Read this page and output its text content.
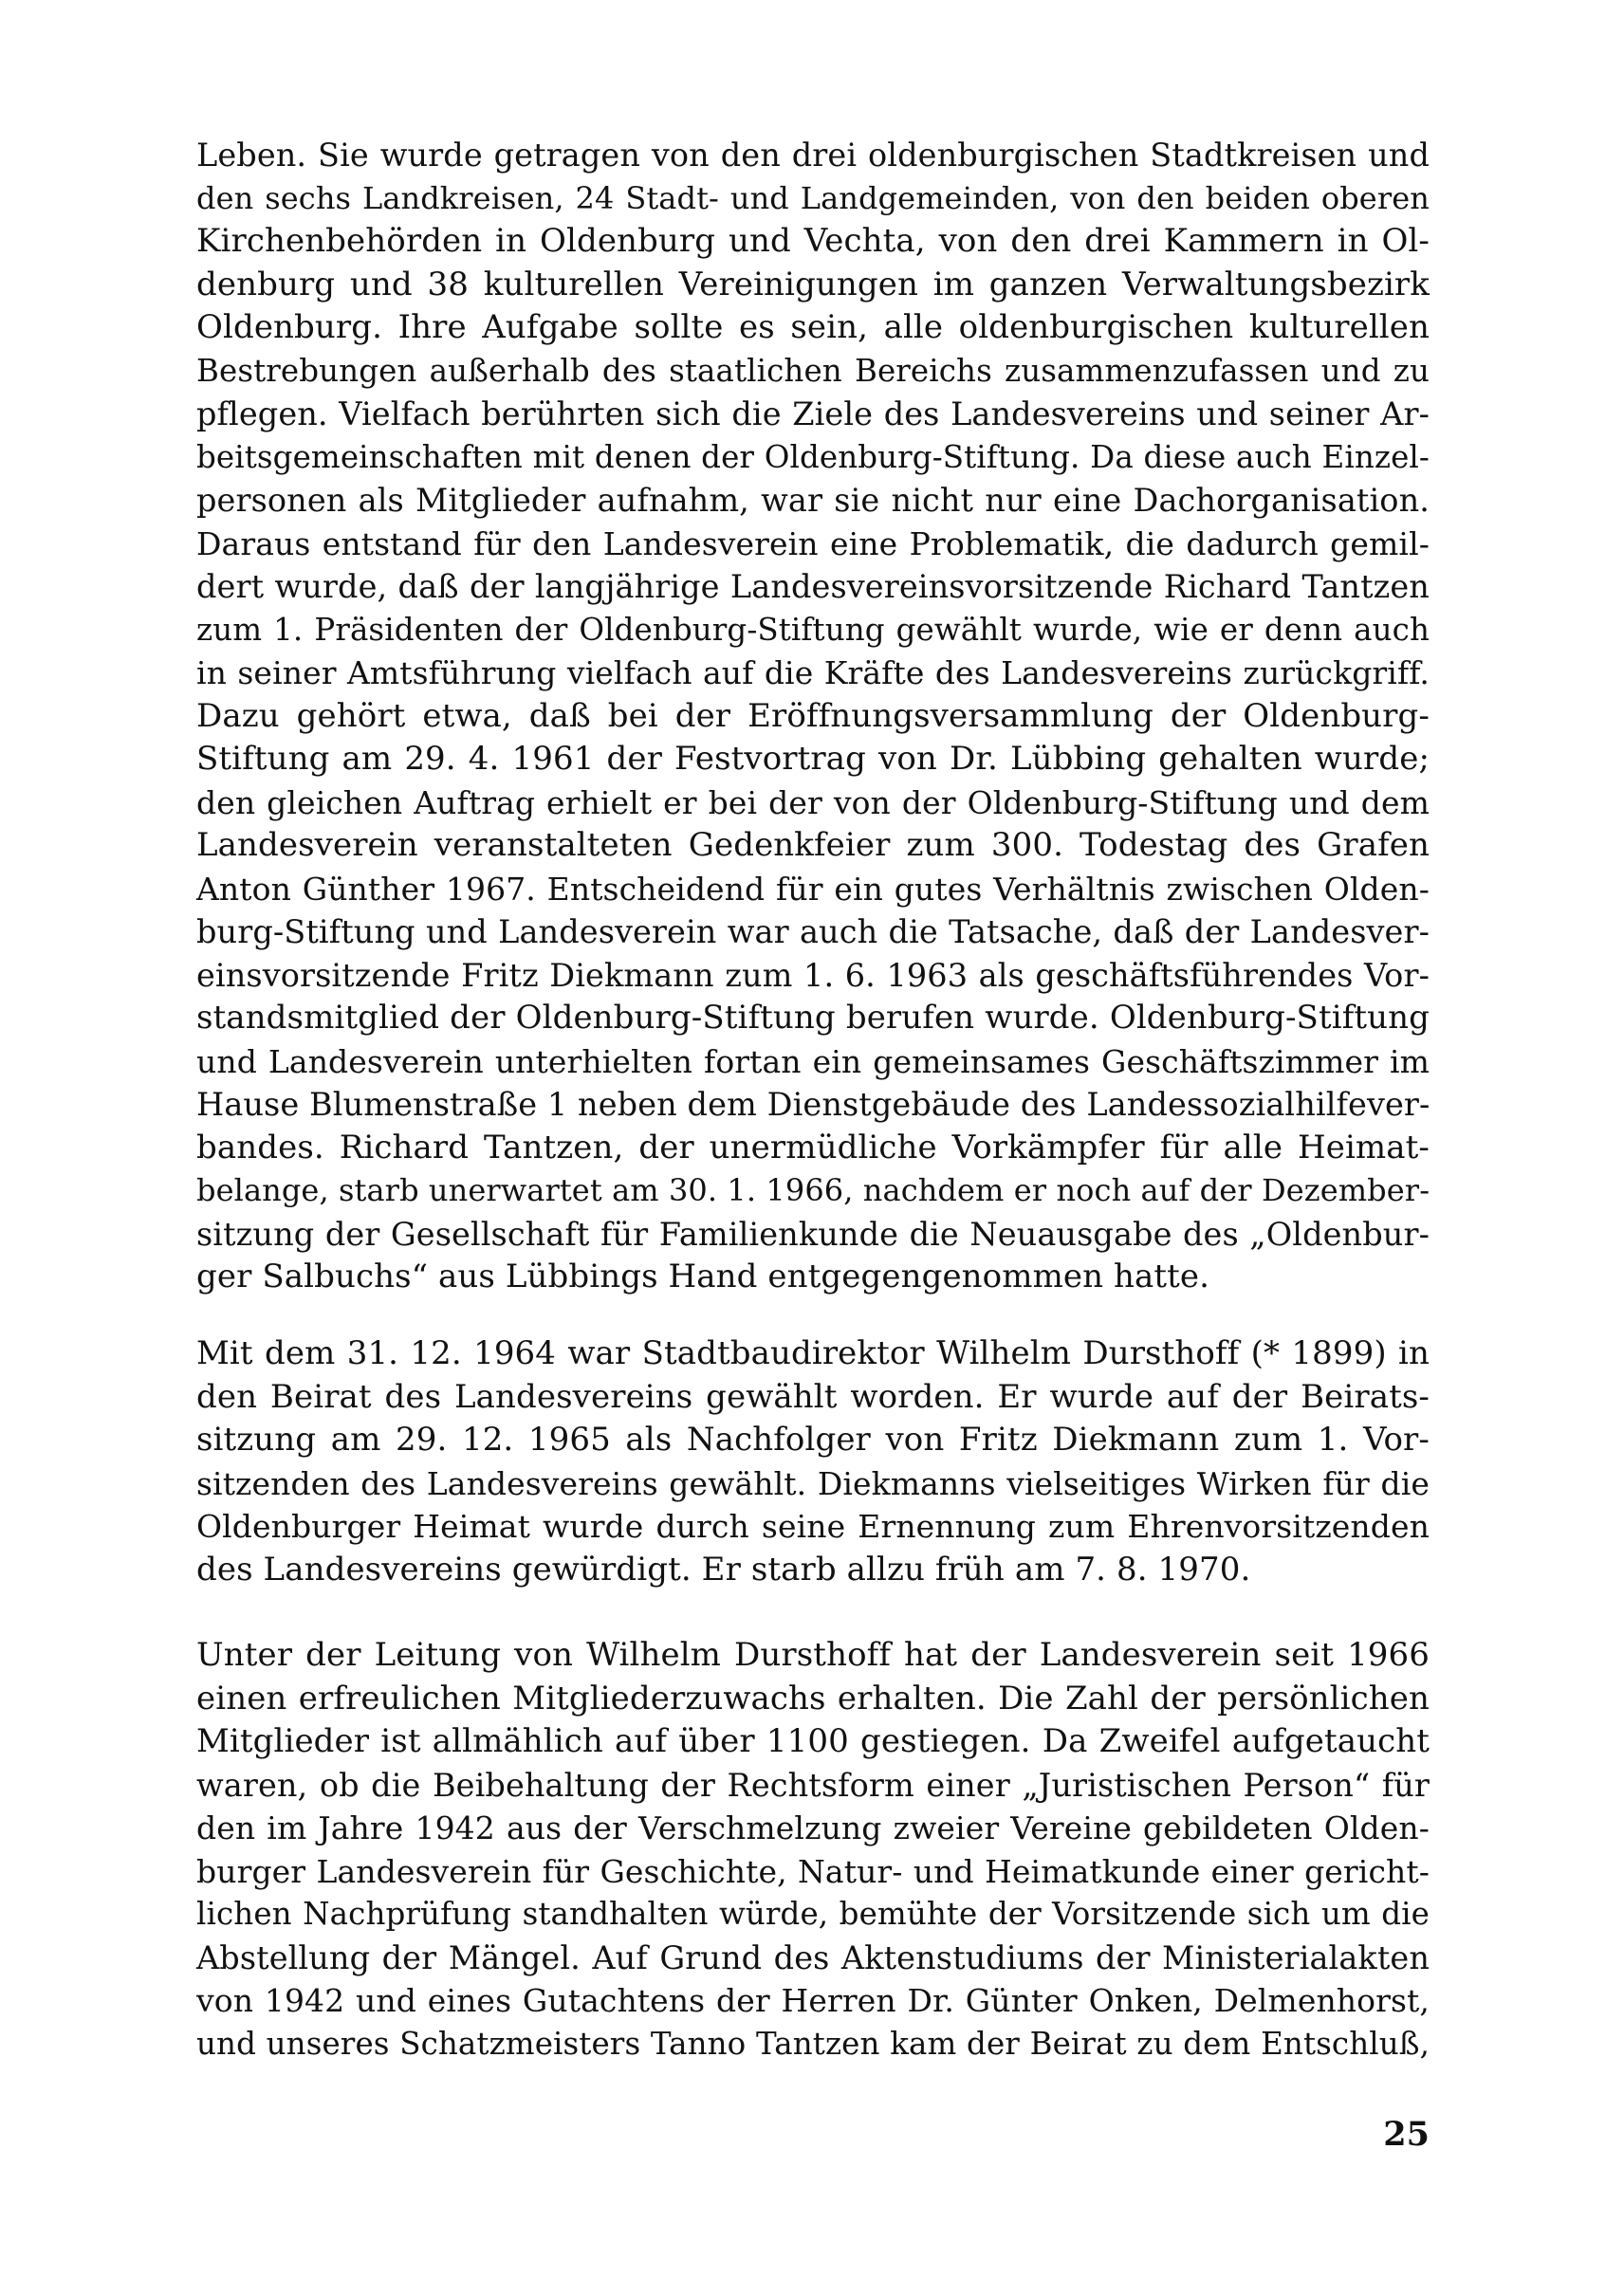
Leben. Sie wurde getragen von den drei oldenburgischen Stadtkreisen und
den sechs Landkreisen, 24 Stadt- und Landgemeinden, von den beiden oberen
Kirchenbehörden in Oldenburg und Vechta, von den drei Kammern in Ol-
denburg und 38 kulturellen Vereinigungen im ganzen Verwaltungsbezirk
Oldenburg. Ihre Aufgabe sollte es sein, alle oldenburgischen kulturellen
Bestrebungen außerhalb des staatlichen Bereichs zusammenzufassen und zu
pflegen. Vielfach berührten sich die Ziele des Landesvereins und seiner Ar-
beitsgemeinschaften mit denen der Oldenburg-Stiftung. Da diese auch Einzel-
personen als Mitglieder aufnahm, war sie nicht nur eine Dachorganisation.
Daraus entstand für den Landesverein eine Problematik, die dadurch gemil-
dert wurde, daß der langjährige Landesvereinsvorsitzende Richard Tantzen
zum 1. Präsidenten der Oldenburg-Stiftung gewählt wurde, wie er denn auch
in seiner Amtsführung vielfach auf die Kräfte des Landesvereins zurückgriff.
Dazu gehört etwa, daß bei der Eröffnungsversammlung der Oldenburg-
Stiftung am 29. 4. 1961 der Festvortrag von Dr. Lübbing gehalten wurde;
den gleichen Auftrag erhielt er bei der von der Oldenburg-Stiftung und dem
Landesverein veranstalteten Gedenkfeier zum 300. Todestag des Grafen
Anton Günther 1967. Entscheidend für ein gutes Verhältnis zwischen Olden-
burg-Stiftung und Landesverein war auch die Tatsache, daß der Landesver-
einsvorsitzende Fritz Diekmann zum 1. 6. 1963 als geschäftsführendes Vor-
standsmitglied der Oldenburg-Stiftung berufen wurde. Oldenburg-Stiftung
und Landesverein unterhielten fortan ein gemeinsames Geschäftszimmer im
Hause Blumenstraße 1 neben dem Dienstgebäude des Landessozialhilfever-
bandes. Richard Tantzen, der unermüdliche Vorkämpfer für alle Heimat-
belange, starb unerwartet am 30. 1. 1966, nachdem er noch auf der Dezember-
sitzung der Gesellschaft für Familienkunde die Neuausgabe des „Oldenbur-
ger Salbuchs“ aus Lübbings Hand entgegengenommen hatte.
Mit dem 31. 12. 1964 war Stadtbaudirektor Wilhelm Dursthoff (* 1899) in
den Beirat des Landesvereins gewählt worden. Er wurde auf der Beirats-
sitzung am 29. 12. 1965 als Nachfolger von Fritz Diekmann zum 1. Vor-
sitzenden des Landesvereins gewählt. Diekmanns vielseitiges Wirken für die
Oldenburger Heimat wurde durch seine Ernennung zum Ehrenvorsitzenden
des Landesvereins gewürdigt. Er starb allzu früh am 7. 8. 1970.
Unter der Leitung von Wilhelm Dursthoff hat der Landesverein seit 1966
einen erfreulichen Mitgliederzuwachs erhalten. Die Zahl der persönlichen
Mitglieder ist allmählich auf über 1100 gestiegen. Da Zweifel aufgetaucht
waren, ob die Beibehaltung der Rechtsform einer „Juristischen Person“ für
den im Jahre 1942 aus der Verschmelzung zweier Vereine gebildeten Olden-
burger Landesverein für Geschichte, Natur- und Heimatkunde einer gericht-
lichen Nachprüfung standhalten würde, bemühte der Vorsitzende sich um die
Abstellung der Mängel. Auf Grund des Aktenstudiums der Ministerialakten
von 1942 und eines Gutachtens der Herren Dr. Günter Onken, Delmenhorst,
und unseres Schatzmeisters Tanno Tantzen kam der Beirat zu dem Entschluß,
25
